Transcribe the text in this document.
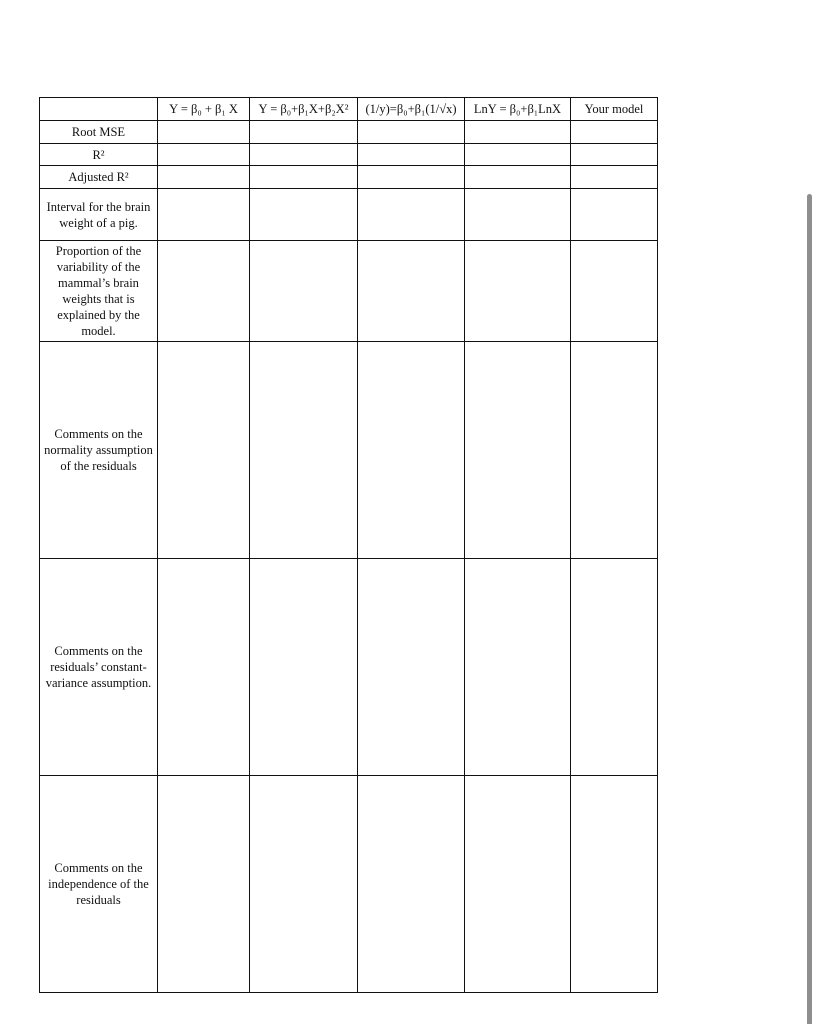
	Y = β₀ + β₁ X	Y = β₀+β₁X+β₂X²	(1/y)=β₀+β₁(1/√x)	LnY = β₀+β₁LnX	Your model
Root MSE					
R²					
Adjusted R²					
Interval for the brain weight of a pig.					
Proportion of the variability of the mammal’s brain weights that is explained by the model.					
Comments on the normality assumption of the residuals					
Comments on the residuals’ constant- variance assumption.					
Comments on the independence of the residuals					
